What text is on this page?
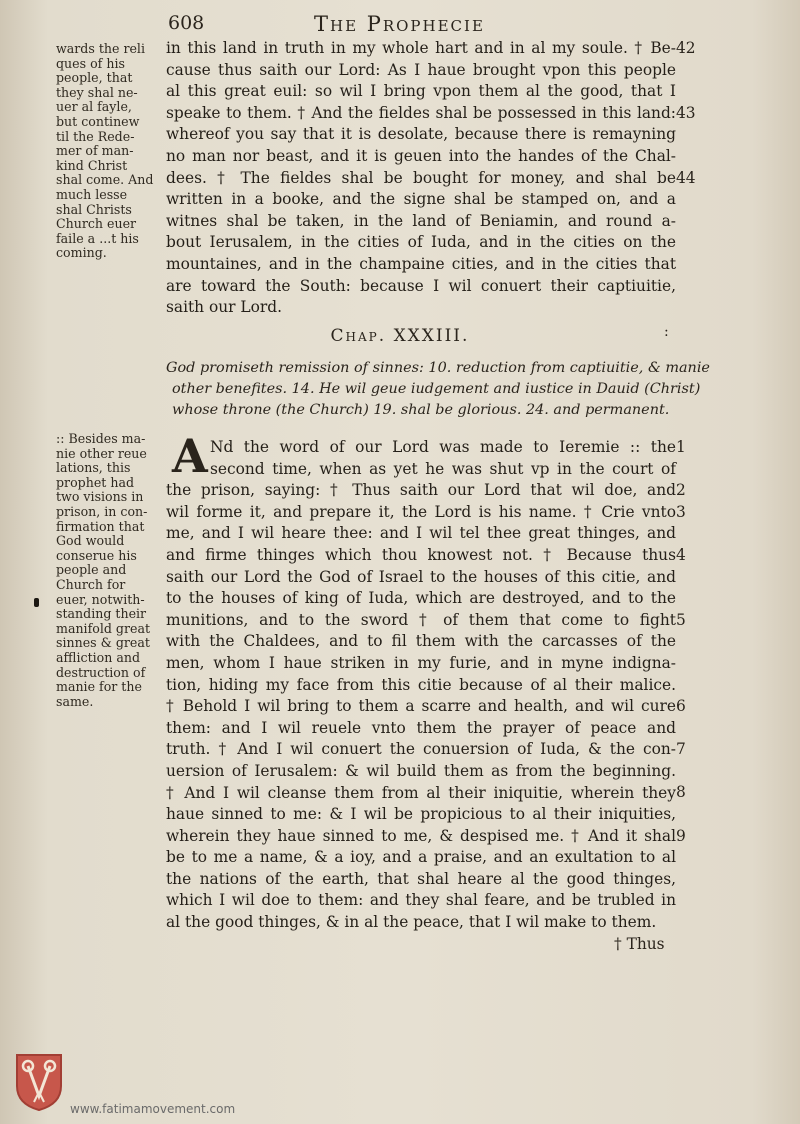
608	The Prophecie
wards the reli
ques of his
people, that
they shal ne-
uer al fayle,
but continew
til the Rede-
mer of man-
kind Christ
shal come. And
much lesse
shal Christs
Church euer
faile a ...t his
coming.
in this land in truth in my whole hart and in al my soule. † Be-
cause thus saith our Lord: As I haue brought vpon this people
al this great euil: so wil I bring vpon them al the good, that I
speake to them. † And the fieldes shal be possessed in this land:
whereof you say that it is desolate, because there is remayning
no man nor beast, and it is geuen into the handes of the Chal-
dees. † The fieldes shal be bought for money, and shal be
written in a booke, and the signe shal be stamped on, and a
witnes shal be taken, in the land of Beniamin, and round a-
bout Ierusalem, in the cities of Iuda, and in the cities on the
mountaines, and in the champaine cities, and in the cities that
are toward the South: because I wil conuert their captiuitie,
saith our Lord.
42
43
44
Chap. XXXIII.	:
God promiseth remission of sinnes: 10. reduction from captiuitie, & manie
other benefites. 14. He wil geue iudgement and iustice in Dauid (Christ)
whose throne (the Church) 19. shal be glorious. 24. and permanent.
:: Besides ma-
nie other reue
lations, this
prophet had
two visions in
prison, in con-
firmation that
God would
conserue his
people and
Church for
euer, notwith-
standing their
manifold great
sinnes & great
affliction and
destruction of
manie for the
same.
A Nd the word of our Lord was made to Ieremie :: the
second time, when as yet he was shut vp in the court of
the prison, saying: † Thus saith our Lord that wil doe, and
wil forme it, and prepare it, the Lord is his name. † Crie vnto
me, and I wil heare thee: and I wil tel thee great thinges, and
and firme thinges which thou knowest not. † Because thus
saith our Lord the God of Israel to the houses of this citie, and
to the houses of king of Iuda, which are destroyed, and to the
munitions, and to the sword † of them that come to fight
with the Chaldees, and to fil them with the carcasses of the
men, whom I haue striken in my furie, and in myne indigna-
tion, hiding my face from this citie because of al their malice.
† Behold I wil bring to them a scarre and health, and wil cure
them: and I wil reuele vnto them the prayer of peace and
truth. † And I wil conuert the conuersion of Iuda, & the con-
uersion of Ierusalem: & wil build them as from the beginning.
† And I wil cleanse them from al their iniquitie, wherein they
haue sinned to me: & I wil be propicious to al their iniquities,
wherein they haue sinned to me, & despised me. † And it shal
be to me a name, & a ioy, and a praise, and an exultation to al
the nations of the earth, that shal heare al the good thinges,
which I wil doe to them: and they shal feare, and be trubled in
al the good thinges, & in al the peace, that I wil make to them.
1
2
3
4
5
6
7
8
9
† Thus
www.fatimamovement.com
